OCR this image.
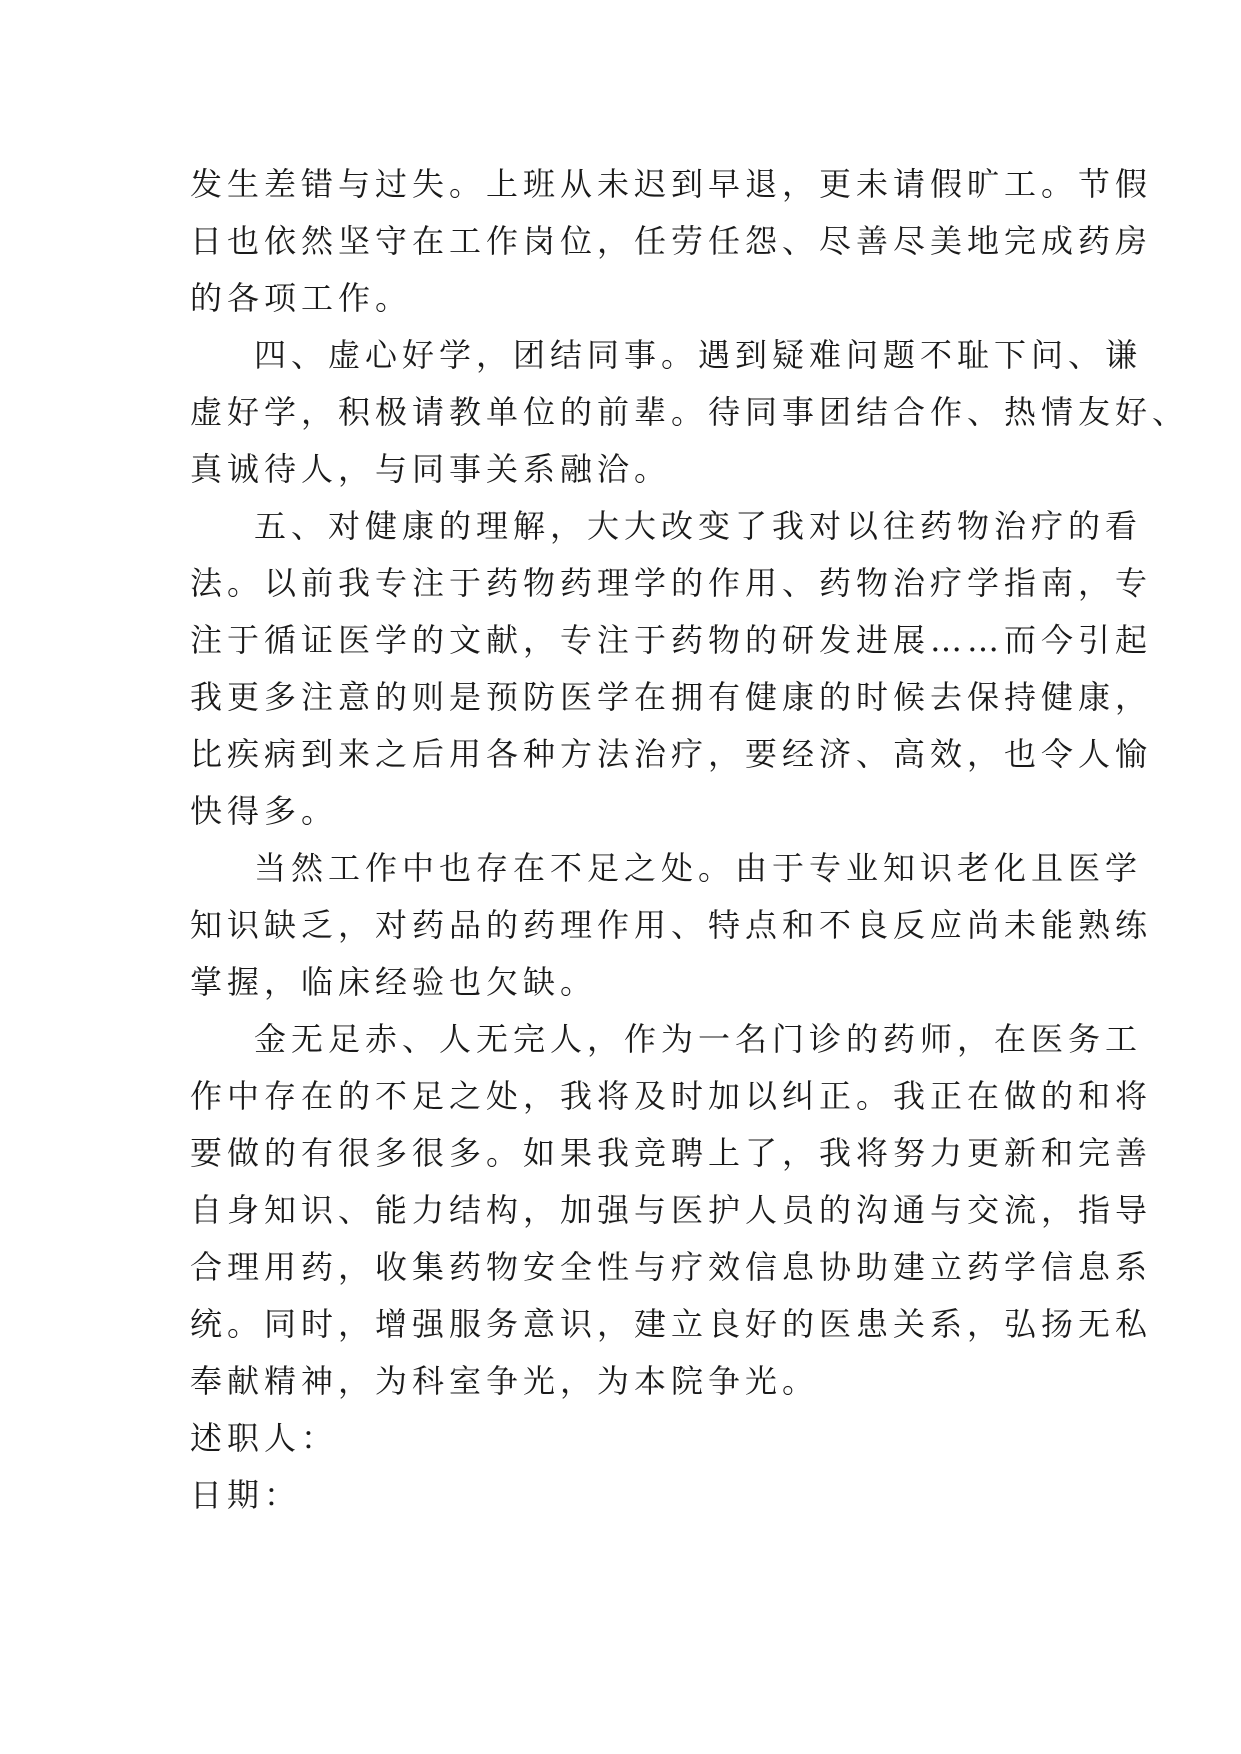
发生差错与过失。上班从未迟到早退，更未请假旷工。节假
日也依然坚守在工作岗位，任劳任怨、尽善尽美地完成药房
的各项工作。
四、虚心好学，团结同事。遇到疑难问题不耻下问、谦
虚好学，积极请教单位的前辈。待同事团结合作、热情友好、
真诚待人，与同事关系融洽。
五、对健康的理解，大大改变了我对以往药物治疗的看
法。以前我专注于药物药理学的作用、药物治疗学指南，专
注于循证医学的文献，专注于药物的研发进展……而今引起
我更多注意的则是预防医学在拥有健康的时候去保持健康，
比疾病到来之后用各种方法治疗，要经济、高效，也令人愉
快得多。
当然工作中也存在不足之处。由于专业知识老化且医学
知识缺乏，对药品的药理作用、特点和不良反应尚未能熟练
掌握，临床经验也欠缺。
金无足赤、人无完人，作为一名门诊的药师，在医务工
作中存在的不足之处，我将及时加以纠正。我正在做的和将
要做的有很多很多。如果我竞聘上了，我将努力更新和完善
自身知识、能力结构，加强与医护人员的沟通与交流，指导
合理用药，收集药物安全性与疗效信息协助建立药学信息系
统。同时，增强服务意识，建立良好的医患关系，弘扬无私
奉献精神，为科室争光，为本院争光。
述职人：
日期：
